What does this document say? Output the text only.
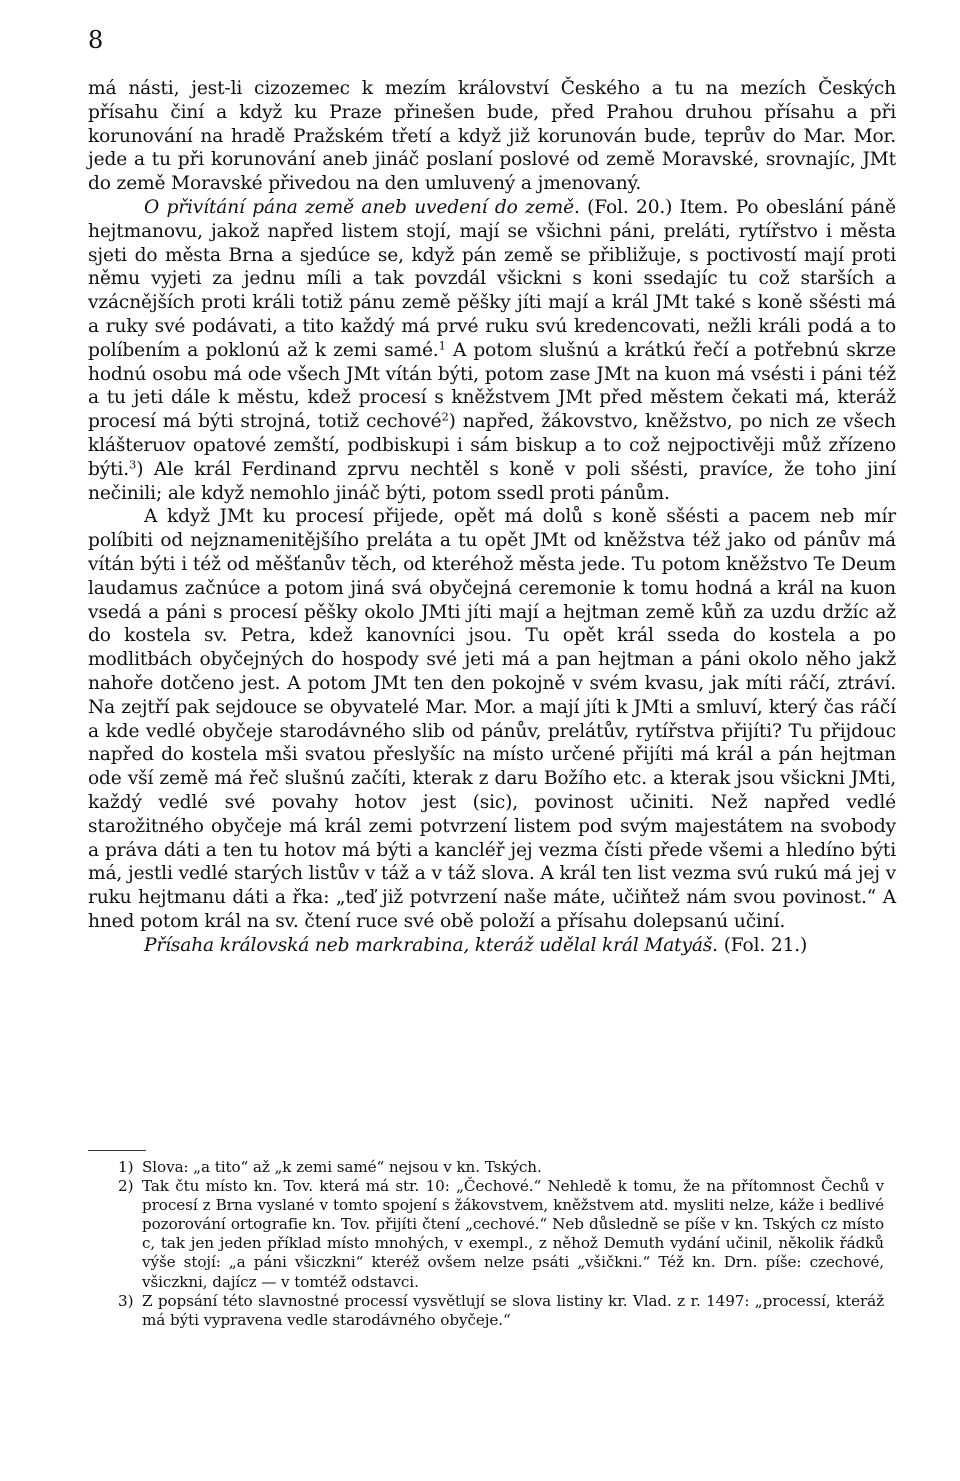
8

má násti, jest-li cizozemec k mezím království Českého a tu na mezích Českých přísahu činí a když ku Praze přinešen bude, před Prahou druhou přísahu a při korunování na hradě Pražském třetí a když již korunován bude, teprův do Mar. Mor. jede a tu při korunování aneb jináč poslaní poslové od země Moravské, srovnajíc, JMt do země Moravské přivedou na den umluvený a jmenovaný.

O přivítání pána země aneb uvedení do země. (Fol. 20.) Item. Po obeslání páně hejtmanovu, jakož napřed listem stojí, mají se všichni páni, preláti, rytířstvo i města sjeti do města Brna a sjedúce se, když pán země se přibližuje, s poctivostí mají proti němu vyjeti za jednu míli a tak povzdál všickni s koni ssedajíc tu což starších a vzácnějších proti králi totiž pánu země pěšky jíti mají a král JMt také s koně sšésti má a ruky své podávati, a tito každý má prvé ruku svú kredencovati, nežli králi podá a to políbením a poklonú až k zemi samé.$^1$ A potom slušnú a krátkú řečí a potřebnú skrze hodnú osobu má ode všech JMt vítán býti, potom zase JMt na kuon má vsésti i páni též a tu jeti dále k městu, kdež procesí s kněžstvem JMt před městem čekati má, kteráž procesí má býti strojná, totiž cechové$^2$) napřed, žákovstvo, kněžstvo, po nich ze všech klášteruov opatové zemští, podbiskupi i sám biskup a to což nejpoctivěji můž zřízeno býti.$^3$) Ale král Ferdinand zprvu nechtěl s koně v poli sšésti, pravíce, že toho jiní nečinili; ale když nemohlo jináč býti, potom ssedl proti pánům.

A když JMt ku procesí přijede, opět má dolů s koně sšésti a pacem neb mír políbiti od nejznamenitějšího preláta a tu opět JMt od kněžstva též jako od pánův má vítán býti i též od měšťanův těch, od kteréhož města jede. Tu potom kněžstvo Te Deum laudamus začnúce a potom jiná svá obyčejná ceremonie k tomu hodná a král na kuon vsedá a páni s procesí pěšky okolo JMti jíti mají a hejtman země kůň za uzdu držíc až do kostela sv. Petra, kdež kanovníci jsou. Tu opět král sseda do kostela a po modlitbách obyčejných do hospody své jeti má a pan hejtman a páni okolo něho jakž nahoře dotčeno jest. A potom JMt ten den pokojně v svém kvasu, jak míti ráčí, ztráví. Na zejtří pak sejdouce se obyvatelé Mar. Mor. a mají jíti k JMti a smluví, který čas ráčí a kde vedlé obyčeje starodávného slib od pánův, prelátův, rytířstva přijíti? Tu přijdouc napřed do kostela mši svatou přeslyšíc na místo určené přijíti má král a pán hejtman ode vší země má řeč slušnú začíti, kterak z daru Božího etc. a kterak jsou všickni JMti, každý vedlé své povahy hotov jest (sic), povinost učiniti. Než napřed vedlé starožitného obyčeje má král zemi potvrzení listem pod svým majestátem na svobody a práva dáti a ten tu hotov má býti a kancléř jej vezma čísti přede všemi a hledíno býti má, jestli vedlé starých listův v táž a v táž slova. A král ten list vezma svú rukú má jej v ruku hejtmanu dáti a řka: „teď již potvrzení naše máte, učiňtež nám svou povinost.“ A hned potom král na sv. čtení ruce své obě položí a přísahu dolepsanú učiní.

Přísaha královská neb markrabina, kteráž udělal král Matyáš. (Fol. 21.)

1) Slova: „a tito“ až „k zemi samé“ nejsou v kn. Tských.

2) Tak čtu místo kn. Tov. která má str. 10: „Čechové.“ Nehledě k tomu, že na přítomnost Čechů v procesí z Brna vyslané v tomto spojení s žákovstvem, kněžstvem atd. mysliti nelze, káže i bedlivé pozorování ortografie kn. Tov. přijíti čtení „cechové.“ Neb důsledně se píše v kn. Tských cz místo c, tak jen jeden příklad místo mnohých, v exempl., z něhož Demuth vydání učinil, několik řádků výše stojí: „a páni všiczkni“ kteréž ovšem nelze psáti „všičkni.“ Též kn. Drn. píše: czechové, všiczkni, dajícz — v tomtéž odstavci.

3) Z popsání této slavnostné processí vysvětlují se slova listiny kr. Vlad. z r. 1497: „processí, kteráž má býti vypravena vedle starodávného obyčeje.“
